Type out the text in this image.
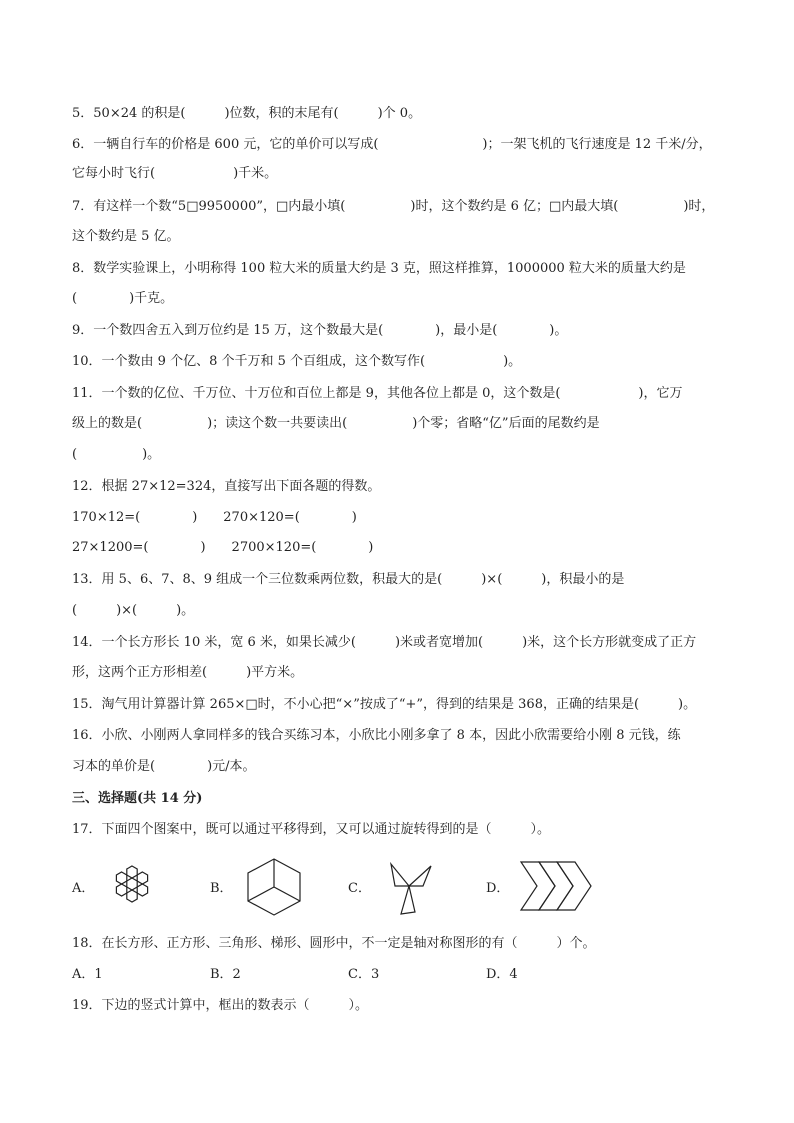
5．50×24 的积是(　　　)位数，积的末尾有(　　　)个 0。
6．一辆自行车的价格是 600 元，它的单价可以写成(　　　　　　　　)；一架飞机的飞行速度是 12 千米/分，
它每小时飞行(　　　　　　)千米。
7．有这样一个数“5□9950000”，□内最小填(　　　　　)时，这个数约是 6 亿；□内最大填(　　　　　)时，
这个数约是 5 亿。
8．数学实验课上，小明称得 100 粒大米的质量大约是 3 克，照这样推算，1000000 粒大米的质量大约是
(　　　　)千克。
9．一个数四舍五入到万位约是 15 万，这个数最大是(　　　　)，最小是(　　　　)。
10．一个数由 9 个亿、8 个千万和 5 个百组成，这个数写作(　　　　　　)。
11．一个数的亿位、千万位、十万位和百位上都是 9，其他各位上都是 0，这个数是(　　　　　　)，它万
级上的数是(　　　　　)；读这个数一共要读出(　　　　　)个零；省略“亿”后面的尾数约是
(　　　　　)。
12．根据 27×12=324，直接写出下面各题的得数。
170×12=(　　　　)　　270×120=(　　　　)
27×1200=(　　　　)　　2700×120=(　　　　)
13．用 5、6、7、8、9 组成一个三位数乘两位数，积最大的是(　　　)×(　　　)，积最小的是
(　　　)×(　　　)。
14．一个长方形长 10 米，宽 6 米，如果长减少(　　　)米或者宽增加(　　　)米，这个长方形就变成了正方
形，这两个正方形相差(　　　)平方米。
15．淘气用计算器计算 265×□时，不小心把“×”按成了“+”，得到的结果是 368，正确的结果是(　　　)。
16．小欣、小刚两人拿同样多的钱合买练习本，小欣比小刚多拿了 8 本，因此小欣需要给小刚 8 元钱，练
习本的单价是(　　　　)元/本。
三、选择题(共 14 分)
17．下面四个图案中，既可以通过平移得到，又可以通过旋转得到的是（　　　）。
A．	B．	C．	D．
18．在长方形、正方形、三角形、梯形、圆形中，不一定是轴对称图形的有（　　　）个。
A．1	B．2	C．3	D．4
19．下边的竖式计算中，框出的数表示（　　　）。
